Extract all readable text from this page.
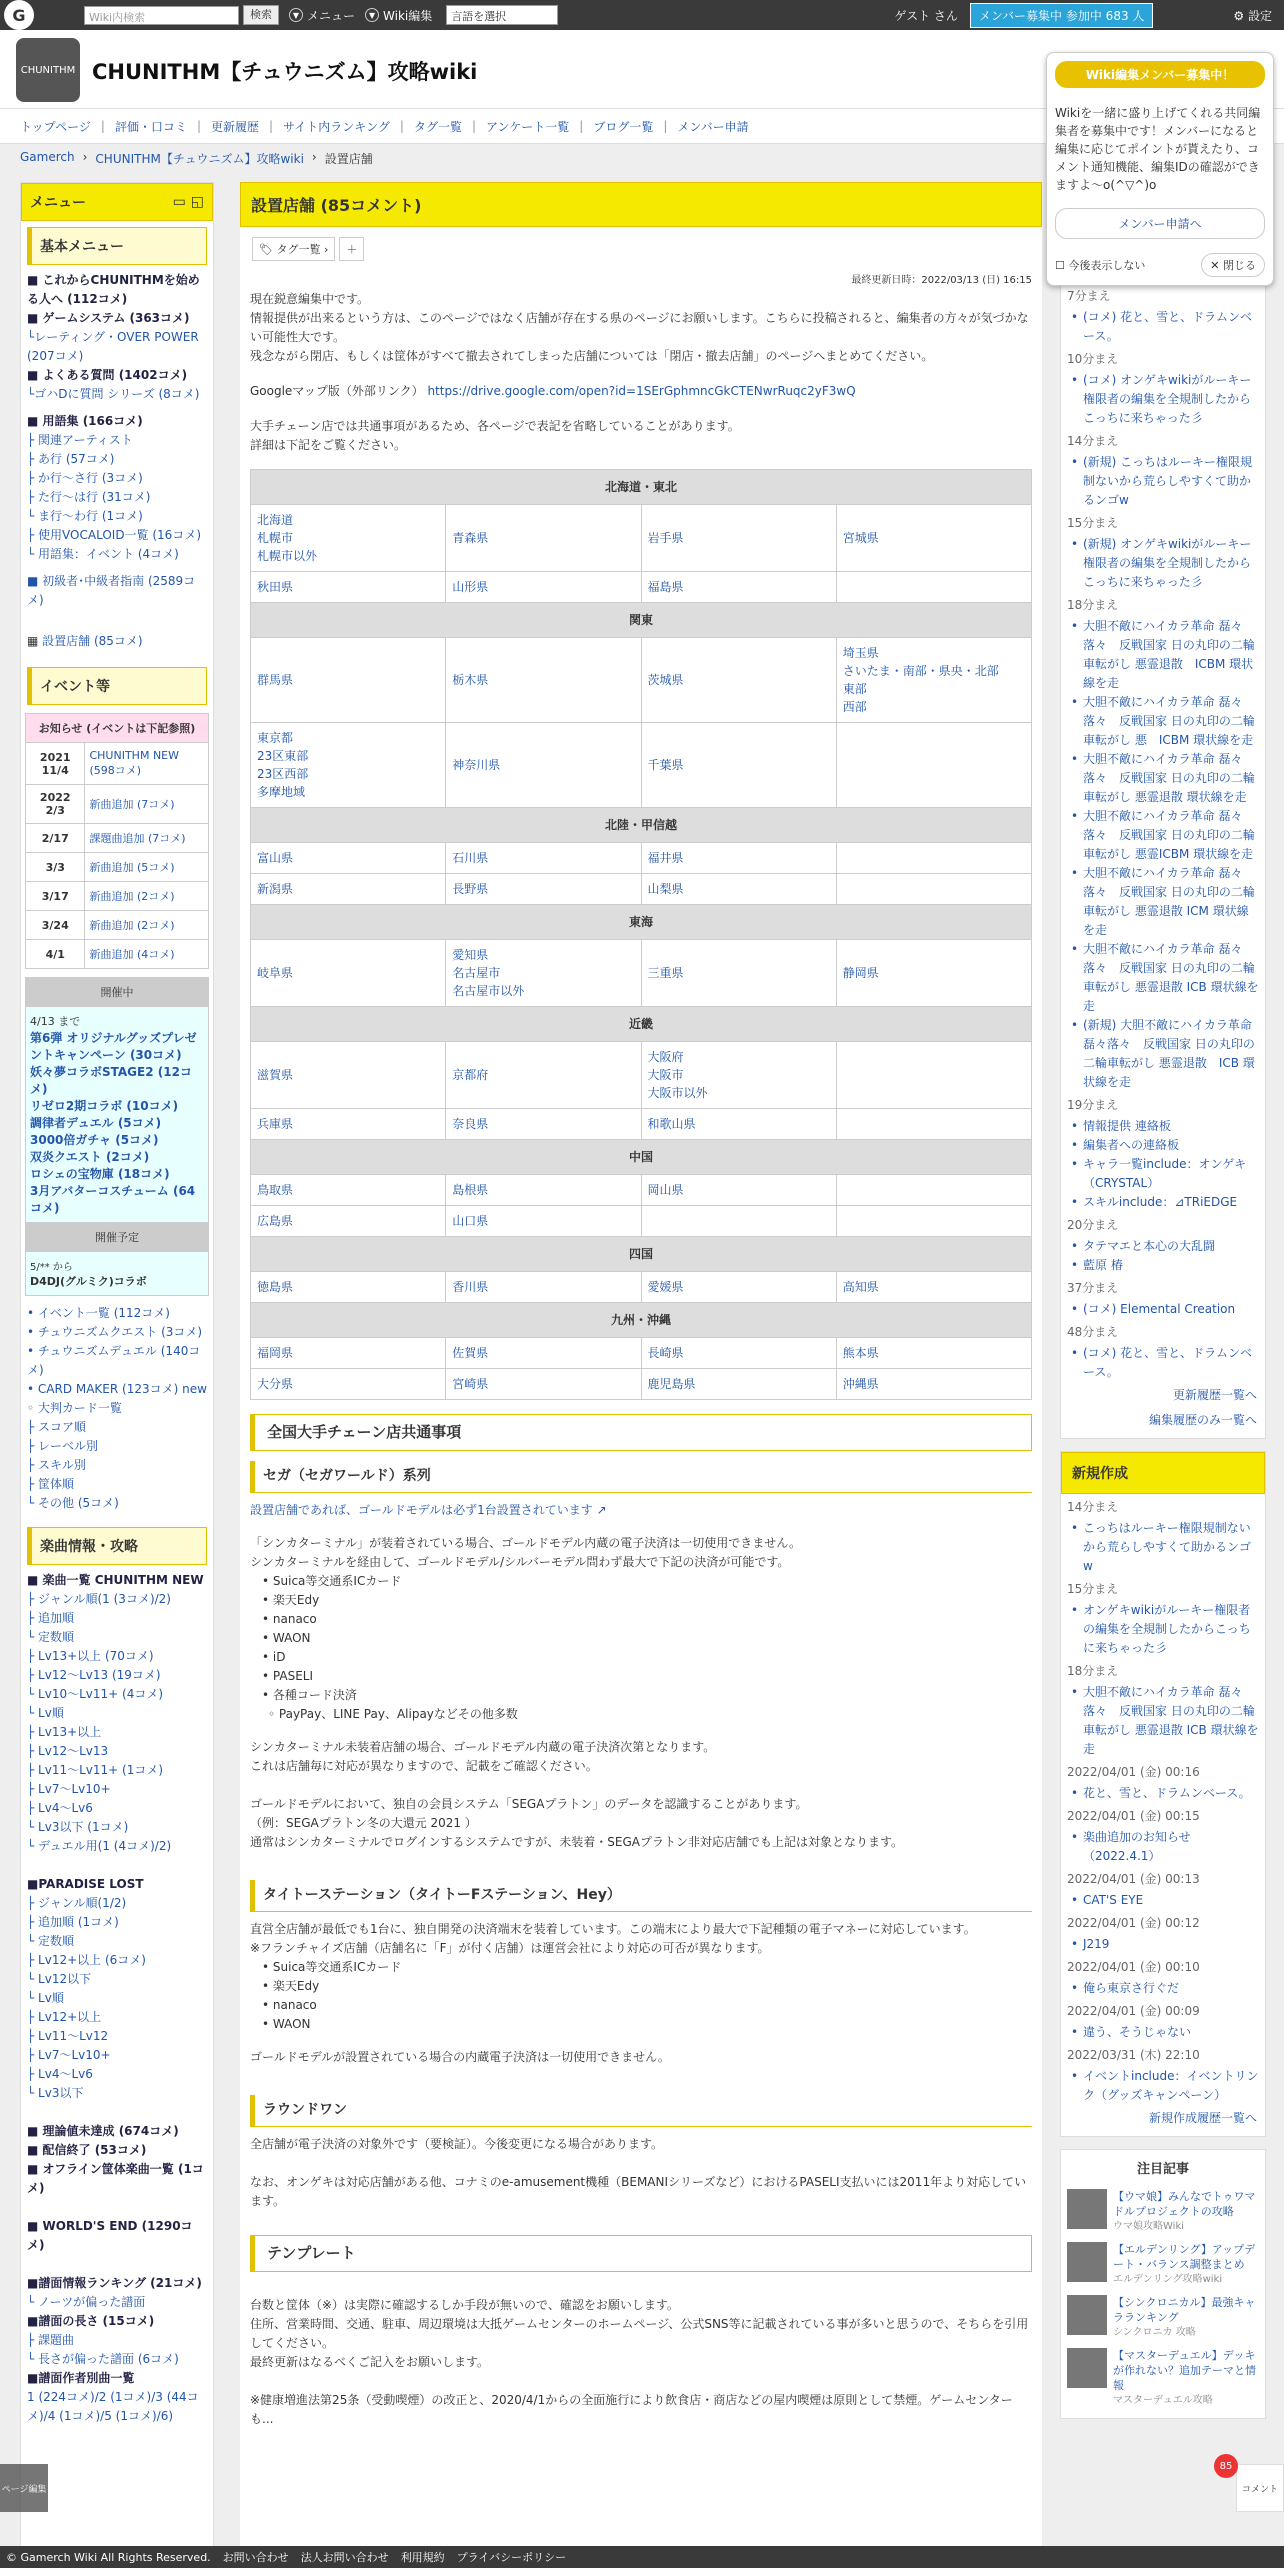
G	Wiki内検索	検索	▼ メニュー	▼ Wiki編集	言語を選択	ゲスト さん	メンバー募集中 参加中 683 人	⚙ 設定
CHUNITHM CHUNITHM【チュウニズム】攻略wiki
トップページ | 評価・口コミ | 更新履歴 | サイト内ランキング | タグ一覧 | アンケート一覧 | ブログ一覧 | メンバー申請
Gamerch › CHUNITHM【チュウニズム】攻略wiki › 設置店舗
メニュー	▭ ◱
基本メニュー
■ これからCHUNITHMを始める人へ (112コメ)
■ ゲームシステム (363コメ)
└レーティング・OVER POWER (207コメ)
■ よくある質問 (1402コメ)
└ゴハDに質問 シリーズ (8コメ)
■ 用語集 (166コメ)
├ 関連アーティスト
├ あ行 (57コメ)
├ か行～さ行 (3コメ)
├ た行～は行 (31コメ)
└ ま行～わ行 (1コメ)
├ 使用VOCALOID一覧 (16コメ)
└ 用語集：イベント (4コメ)
■ 初級者･中級者指南 (2589コメ)
▦ 設置店舗 (85コメ)
イベント等
お知らせ (イベントは下記参照)	
2021 11/4	CHUNITHM NEW (598コメ)
2022 2/3	新曲追加 (7コメ)
2/17	課題曲追加 (7コメ)
3/3	新曲追加 (5コメ)
3/17	新曲追加 (2コメ)
3/24	新曲追加 (2コメ)
4/1	新曲追加 (4コメ)
開催中

4/13 まで
第6弾 オリジナルグッズプレゼントキャンペーン (30コメ)
妖々夢コラボSTAGE2 (12コメ)
リゼロ2期コラボ (10コメ)
調律者デュエル (5コメ)
3000倍ガチャ (5コメ)
双炎クエスト (2コメ)
ロシェの宝物庫 (18コメ)
3月アバターコスチューム (64コメ)

開催予定

5/** から
D4DJ(グルミク)コラボ
• イベント一覧 (112コメ)
• チュウニズムクエスト (3コメ)
• チュウニズムデュエル (140コメ)
• CARD MAKER (123コメ) new
◦ 大判カード一覧
├ スコア順
├ レーベル別
├ スキル別
├ 筐体順
└ その他 (5コメ)
楽曲情報・攻略
■ 楽曲一覧 CHUNITHM NEW
├ ジャンル順(1 (3コメ)/2)
├ 追加順
└ 定数順
├ Lv13+以上 (70コメ)
├ Lv12～Lv13 (19コメ)
└ Lv10～Lv11+ (4コメ)
└ Lv順
├ Lv13+以上
├ Lv12～Lv13
├ Lv11～Lv11+ (1コメ)
├ Lv7～Lv10+
├ Lv4～Lv6
└ Lv3以下 (1コメ)
└ デュエル用(1 (4コメ)/2)

■PARADISE LOST
├ ジャンル順(1/2)
├ 追加順 (1コメ)
└ 定数順
├ Lv12+以上 (6コメ)
└ Lv12以下
└ Lv順
├ Lv12+以上
├ Lv11～Lv12
├ Lv7～Lv10+
├ Lv4～Lv6
└ Lv3以下

■ 理論値未達成 (674コメ)
■ 配信終了 (53コメ)
■ オフライン筐体楽曲一覧 (1コメ)

■ WORLD'S END (1290コメ)

■譜面情報ランキング (21コメ)
└ ノーツが偏った譜面
■譜面の長さ (15コメ)
├ 課題曲
└ 長さが偏った譜面 (6コメ)
■譜面作者別曲一覧
1 (224コメ)/2 (1コメ)/3 (44コメ)/4 (1コメ)/5 (1コメ)/6)
設置店舗 (85コメント)
🏷 タグ一覧 ›	＋
最終更新日時：2022/03/13 (日) 16:15
現在鋭意編集中です。
情報提供が出来るという方は、このページではなく店舗が存在する県のページにお願いします。こちらに投稿されると、編集者の方々が気づかない可能性大です。
残念ながら閉店、もしくは筐体がすべて撤去されてしまった店舗については「閉店・撤去店舗」のページへまとめてください。
Googleマップ版（外部リンク） https://drive.google.com/open?id=1SErGphmncGkCTENwrRuqc2yF3wQ
大手チェーン店では共通事項があるため、各ページで表記を省略していることがあります。
詳細は下記をご覧ください。
北海道・東北			

北海道
札幌市
札幌市以外	青森県	岩手県	宮城県

秋田県	山形県	福島県	

関東			

群馬県	栃木県	茨城県	埼玉県
さいたま・南部・県央・北部
東部
西部

東京都
23区東部
23区西部
多摩地域	神奈川県	千葉県	

北陸・甲信越			

富山県	石川県	福井県	

新潟県	長野県	山梨県	

東海			

岐阜県	愛知県
名古屋市
名古屋市以外	三重県	静岡県

近畿			

滋賀県	京都府	大阪府
大阪市
大阪市以外	

兵庫県	奈良県	和歌山県	

中国			

鳥取県	島根県	岡山県	

広島県	山口県		

四国			

徳島県	香川県	愛媛県	高知県

九州・沖縄			

福岡県	佐賀県	長崎県	熊本県

大分県	宮崎県	鹿児島県	沖縄県
全国大手チェーン店共通事項
セガ（セガワールド）系列
設置店舗であれば、ゴールドモデルは必ず1台設置されています ↗
「シンカターミナル」が装着されている場合、ゴールドモデル内蔵の電子決済は一切使用できません。
シンカターミナルを経由して、ゴールドモデル/シルバーモデル問わず最大で下記の決済が可能です。
• Suica等交通系ICカード
• 楽天Edy
• nanaco
• WAON
• iD
• PASELI
• 各種コード決済
◦ PayPay、LINE Pay、Alipayなどその他多数
シンカターミナル未装着店舗の場合、ゴールドモデル内蔵の電子決済次第となります。
これは店舗毎に対応が異なりますので、記載をご確認ください。

ゴールドモデルにおいて、独自の会員システム「SEGAプラトン」のデータを認識することがあります。
（例：SEGAプラトン冬の大還元 2021 ）
通常はシンカターミナルでログインするシステムですが、未装着・SEGAプラトン非対応店舗でも上記は対象となります。
タイトーステーション（タイトーFステーション、Hey）
直営全店舗が最低でも1台に、独自開発の決済端末を装着しています。この端末により最大で下記種類の電子マネーに対応しています。
※フランチャイズ店舗（店舗名に「F」が付く店舗）は運営会社により対応の可否が異なります。
• Suica等交通系ICカード
• 楽天Edy
• nanaco
• WAON
ゴールドモデルが設置されている場合の内蔵電子決済は一切使用できません。
ラウンドワン
全店舗が電子決済の対象外です（要検証）。今後変更になる場合があります。

なお、オンゲキは対応店舗がある他、コナミのe-amusement機種（BEMANIシリーズなど）におけるPASELI支払いには2011年より対応しています。
テンプレート
台数と筐体（※）は実際に確認するしか手段が無いので、確認をお願いします。
住所、営業時間、交通、駐車、周辺環境は大抵ゲームセンターのホームページ、公式SNS等に記載されている事が多いと思うので、そちらを引用してください。
最終更新はなるべくご記入をお願いします。

※健康増進法第25条（受動喫煙）の改正と、2020/4/1からの全面施行により飲食店・商店などの屋内喫煙は原則として禁煙。ゲームセンターも...
7分まえ
• (コメ) 花と、雪と、ドラムンベース。
10分まえ
• (コメ) オンゲキwikiがルーキー権限者の編集を全規制したからこっちに来ちゃった彡
14分まえ
• (新規) こっちはルーキー権限規制ないから荒らしやすくて助かるンゴw
15分まえ
• (新規) オンゲキwikiがルーキー権限者の編集を全規制したからこっちに来ちゃった彡
18分まえ
• 大胆不敵にハイカラ革命 磊々落々　反戦国家 日の丸印の二輪車転がし 悪霊退散　ICBM 環状線を走
• 大胆不敵にハイカラ革命 磊々落々　反戦国家 日の丸印の二輪車転がし 悪　ICBM 環状線を走
• 大胆不敵にハイカラ革命 磊々落々　反戦国家 日の丸印の二輪車転がし 悪霊退散 環状線を走
• 大胆不敵にハイカラ革命 磊々落々　反戦国家 日の丸印の二輪車転がし 悪霊ICBM 環状線を走
• 大胆不敵にハイカラ革命 磊々落々　反戦国家 日の丸印の二輪車転がし 悪霊退散 ICM 環状線を走
• 大胆不敵にハイカラ革命 磊々落々　反戦国家 日の丸印の二輪車転がし 悪霊退散 ICB 環状線を走
• (新規) 大胆不敵にハイカラ革命 磊々落々　反戦国家 日の丸印の二輪車転がし 悪霊退散　ICB 環状線を走
19分まえ
• 情報提供 連絡板
• 編集者への連絡板
• キャラ一覧include：オンゲキ（CRYSTAL）
• スキルinclude：⊿TRiEDGE
20分まえ
• タテマエと本心の大乱闘
• 藍原 椿
37分まえ
• (コメ) Elemental Creation
48分まえ
• (コメ) 花と、雪と、ドラムンベース。
更新履歴一覧へ
編集履歴のみ一覧へ
新規作成
14分まえ
• こっちはルーキー権限規制ないから荒らしやすくて助かるンゴw
15分まえ
• オンゲキwikiがルーキー権限者の編集を全規制したからこっちに来ちゃった彡
18分まえ
• 大胆不敵にハイカラ革命 磊々落々　反戦国家 日の丸印の二輪車転がし 悪霊退散 ICB 環状線を走
2022/04/01 (金) 00:16
• 花と、雪と、ドラムンベース。
2022/04/01 (金) 00:15
• 楽曲追加のお知らせ（2022.4.1）
2022/04/01 (金) 00:13
• CAT'S EYE
2022/04/01 (金) 00:12
• J219
2022/04/01 (金) 00:10
• 俺ら東京さ行ぐだ
2022/04/01 (金) 00:09
• 違う、そうじゃない
2022/03/31 (木) 22:10
• イベントinclude：イベントリンク（グッズキャンペーン）
新規作成履歴一覧へ
注目記事
【ウマ娘】みんなでトゥワマドルプロジェクトの攻略
ウマ娘攻略Wiki
【エルデンリング】アップデート・バランス調整まとめ
エルデンリング攻略wiki
【シンクロニカル】最強キャラランキング
シンクロニカ 攻略
【マスターデュエル】デッキが作れない？追加テーマと情報
マスターデュエル攻略
Wiki編集メンバー募集中！
Wikiを一緒に盛り上げてくれる共同編集者を募集中です！メンバーになると編集に応じてポイントが貰えたり、コメント通知機能、編集IDの確認ができますよ～o(^▽^)o
メンバー申請へ
☐ 今後表示しない	✕ 閉じる
ページ編集	コメント
85
© Gamerch Wiki All Rights Reserved. お問い合わせ 法人お問い合わせ 利用規約 プライバシーポリシー
